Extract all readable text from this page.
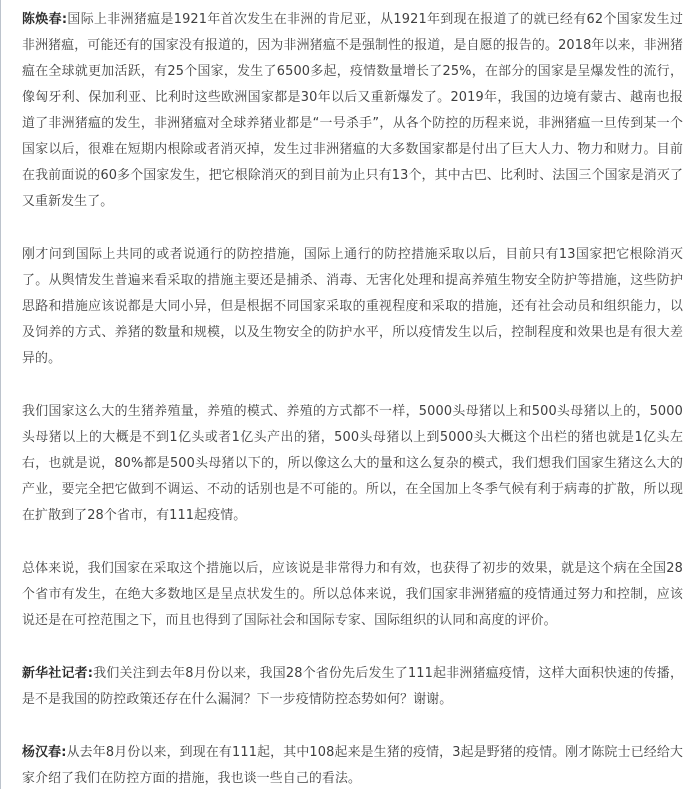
陈焕春:国际上非洲猪瘟是1921年首次发生在非洲的肯尼亚，从1921年到现在报道了的就已经有62个国家发生过非洲猪瘟，可能还有的国家没有报道的，因为非洲猪瘟不是强制性的报道，是自愿的报告的。2018年以来，非洲猪瘟在全球就更加活跃，有25个国家，发生了6500多起，疫情数量增长了25%，在部分的国家是呈爆发性的流行，像匈牙利、保加利亚、比利时这些欧洲国家都是30年以后又重新爆发了。2019年，我国的边境有蒙古、越南也报道了非洲猪瘟的发生，非洲猪瘟对全球养猪业都是“一号杀手”，从各个防控的历程来说，非洲猪瘟一旦传到某一个国家以后，很难在短期内根除或者消灭掉，发生过非洲猪瘟的大多数国家都是付出了巨大人力、物力和财力。目前在我前面说的60多个国家发生，把它根除消灭的到目前为止只有13个，其中古巴、比利时、法国三个国家是消灭了又重新发生了。

刚才问到国际上共同的或者说通行的防控措施，国际上通行的防控措施采取以后，目前只有13国家把它根除消灭了。从舆情发生普遍来看采取的措施主要还是捕杀、消毒、无害化处理和提高养殖生物安全防护等措施，这些防护思路和措施应该说都是大同小异，但是根据不同国家采取的重视程度和采取的措施，还有社会动员和组织能力，以及饲养的方式、养猪的数量和规模，以及生物安全的防护水平，所以疫情发生以后，控制程度和效果也是有很大差异的。

我们国家这么大的生猪养殖量，养殖的模式、养殖的方式都不一样，5000头母猪以上和500头母猪以上的，5000头母猪以上的大概是不到1亿头或者1亿头产出的猪，500头母猪以上到5000头大概这个出栏的猪也就是1亿头左右，也就是说，80%都是500头母猪以下的，所以像这么大的量和这么复杂的模式，我们想我们国家生猪这么大的产业，要完全把它做到不调运、不动的话别也是不可能的。所以，在全国加上冬季气候有利于病毒的扩散，所以现在扩散到了28个省市，有111起疫情。

总体来说，我们国家在采取这个措施以后，应该说是非常得力和有效，也获得了初步的效果，就是这个病在全国28个省市有发生，在绝大多数地区是呈点状发生的。所以总体来说，我们国家非洲猪瘟的疫情通过努力和控制，应该说还是在可控范围之下，而且也得到了国际社会和国际专家、国际组织的认同和高度的评价。

新华社记者:我们关注到去年8月份以来，我国28个省份先后发生了111起非洲猪瘟疫情，这样大面积快速的传播，是不是我国的防控政策还存在什么漏洞？下一步疫情防控态势如何？谢谢。

杨汉春:从去年8月份以来，到现在有111起，其中108起来是生猪的疫情，3起是野猪的疫情。刚才陈院士已经给大家介绍了我们在防控方面的措施，我也谈一些自己的看法。
